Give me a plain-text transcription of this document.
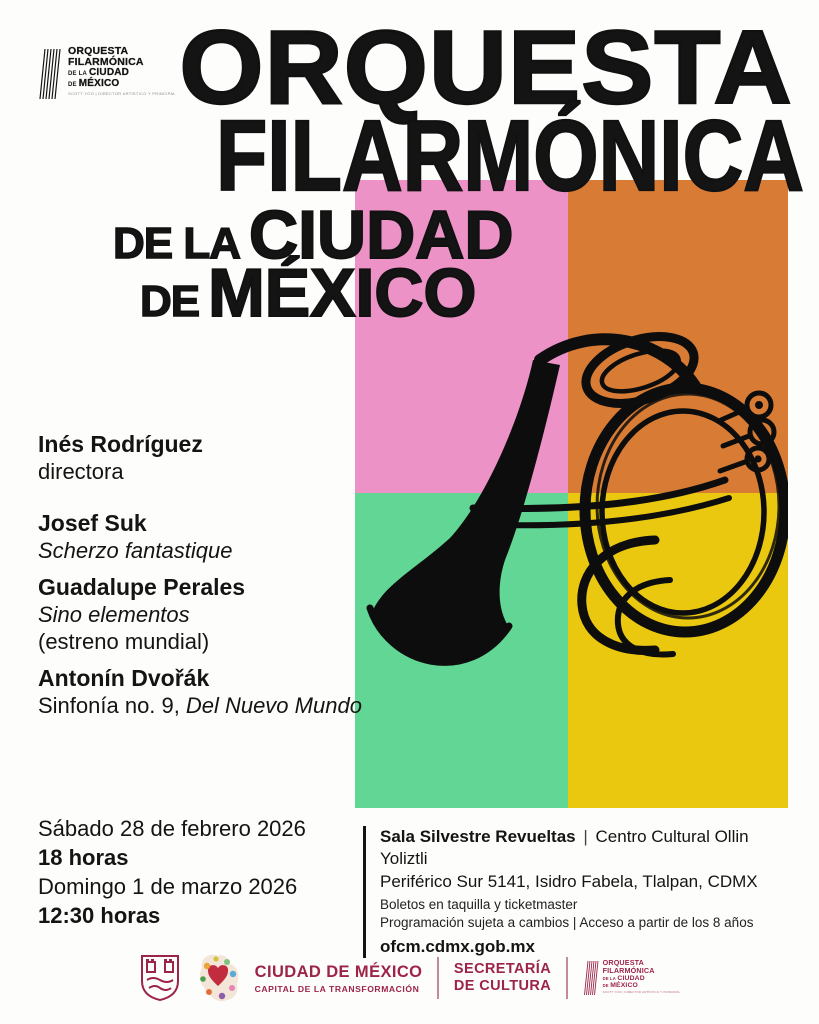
ORQUESTA
FILARMÓNICA
DE LA CIUDAD
DE MÉXICO
SCOTT YOO | DIRECTOR ARTÍSTICO Y PRINCIPAL ORQUESTA
FILARMÓNICA
DE LA CIUDAD
DE MÉXICO
Inés Rodríguez
directora
Josef Suk
Scherzo fantastique
Guadalupe Perales
Sino elementos
(estreno mundial)
Antonín Dvořák
Sinfonía no. 9, Del Nuevo Mundo
Sábado 28 de febrero 2026
18 horas
Domingo 1 de marzo 2026
12:30 horas
Sala Silvestre Revueltas | Centro Cultural Ollin Yoliztli
Periférico Sur 5141, Isidro Fabela, Tlalpan, CDMX
Boletos en taquilla y ticketmaster
Programación sujeta a cambios | Acceso a partir de los 8 años
ofcm.cdmx.gob.mx
CIUDAD DE MÉXICO
CAPITAL DE LA TRANSFORMACIÓN
SECRETARÍA
DE CULTURA
ORQUESTA
FILARMÓNICA
DE LA CIUDAD
DE MÉXICO
SCOTT YOO | DIRECTOR ARTÍSTICO Y PRINCIPAL
